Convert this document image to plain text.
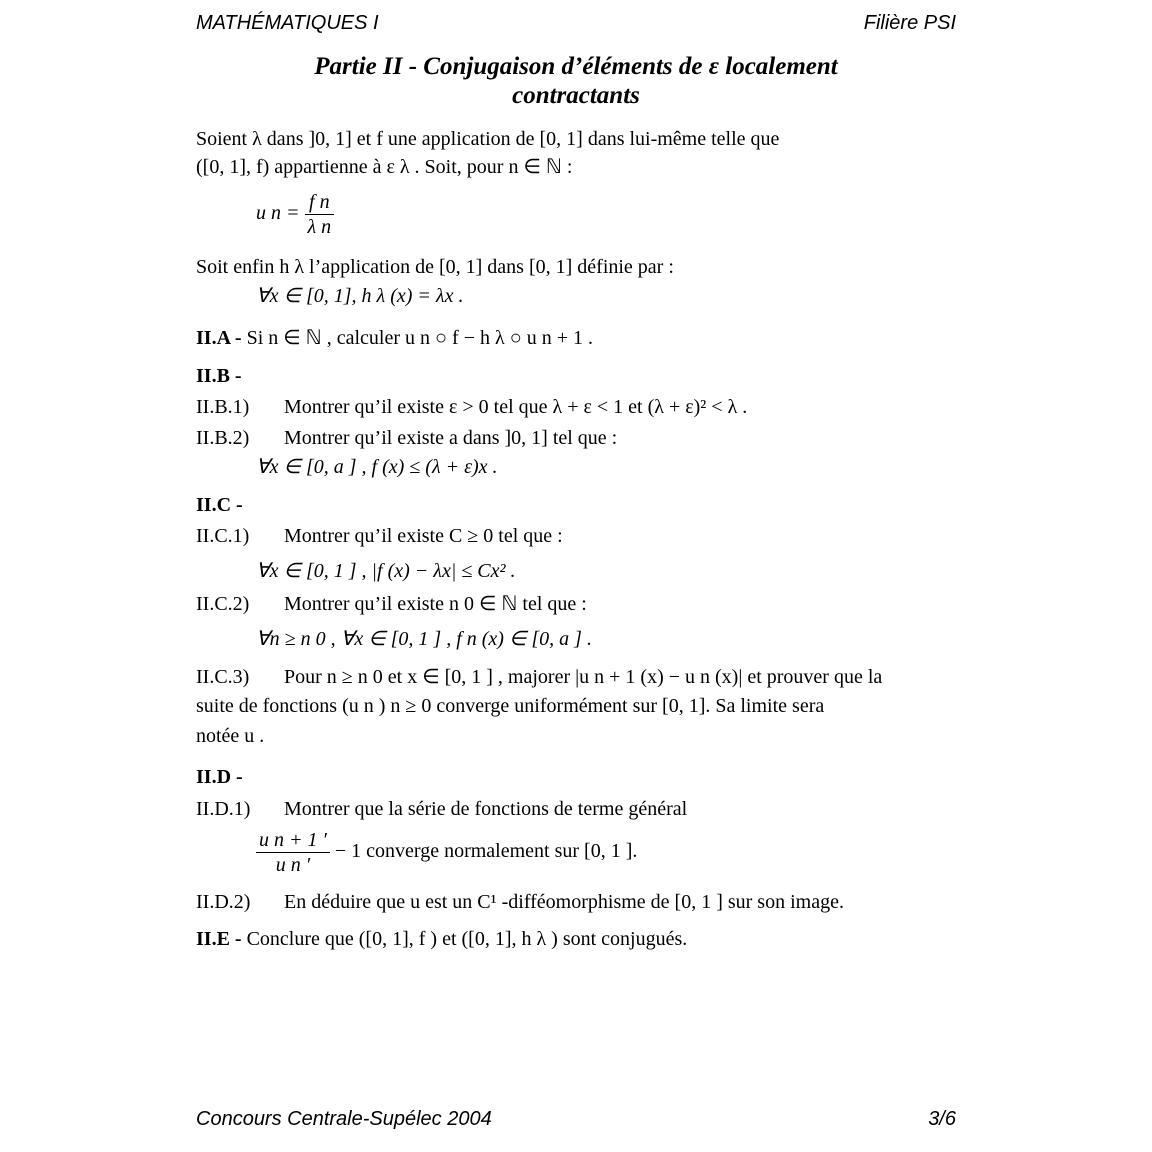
MATHÉMATIQUES I	Filière PSI
Partie II - Conjugaison d’éléments de ε localement
contractants
Soient λ dans ]0, 1] et f une application de [0, 1] dans lui-même telle que
([0, 1], f) appartienne à ε λ . Soit, pour n ∈ ℕ :
u $n = \frac{\text{f n}}{\text{λ n}}$
Soit enfin h λ l’application de [0, 1] dans [0, 1] définie par :
∀x ∈ [0, 1], h λ (x) = λx .
II.A - Si n ∈ ℕ , calculer u n ○ f − h λ ○ u n + 1 .
II.B -
II.B.1) Montrer qu’il existe ε > 0 tel que λ + ε < 1 et (λ + ε)² < λ .
II.B.2) Montrer qu’il existe a dans ]0, 1] tel que :
∀x ∈ [0, a ] , f (x) ≤ (λ + ε)x .
II.C -
II.C.1) Montrer qu’il existe C ≥ 0 tel que :
∀x ∈ [0, 1 ] , |f (x) − λx| ≤ Cx² .
II.C.2) Montrer qu’il existe n 0 ∈ ℕ tel que :
∀n ≥ n 0 , ∀x ∈ [0, 1 ] , f n (x) ∈ [0, a ] .
II.C.3) Pour n ≥ n 0 et x ∈ [0, 1 ] , majorer |u n + 1 (x) − u n (x)| et prouver que la
suite de fonctions (u n ) n ≥ 0 converge uniformément sur [0, 1]. Sa limite sera
notée u .
II.D -
II.D.1) Montrer que la série de fonctions de terme général
$\frac{\text{u n + 1 ′}}{\text{u n ′}} - 1$ converge normalement sur [0, 1 ].
II.D.2) En déduire que u est un C¹ -difféomorphisme de [0, 1 ] sur son image.
II.E - Conclure que ([0, 1], f ) et ([0, 1], h λ ) sont conjugués.
Concours Centrale-Supélec 2004	3/6
